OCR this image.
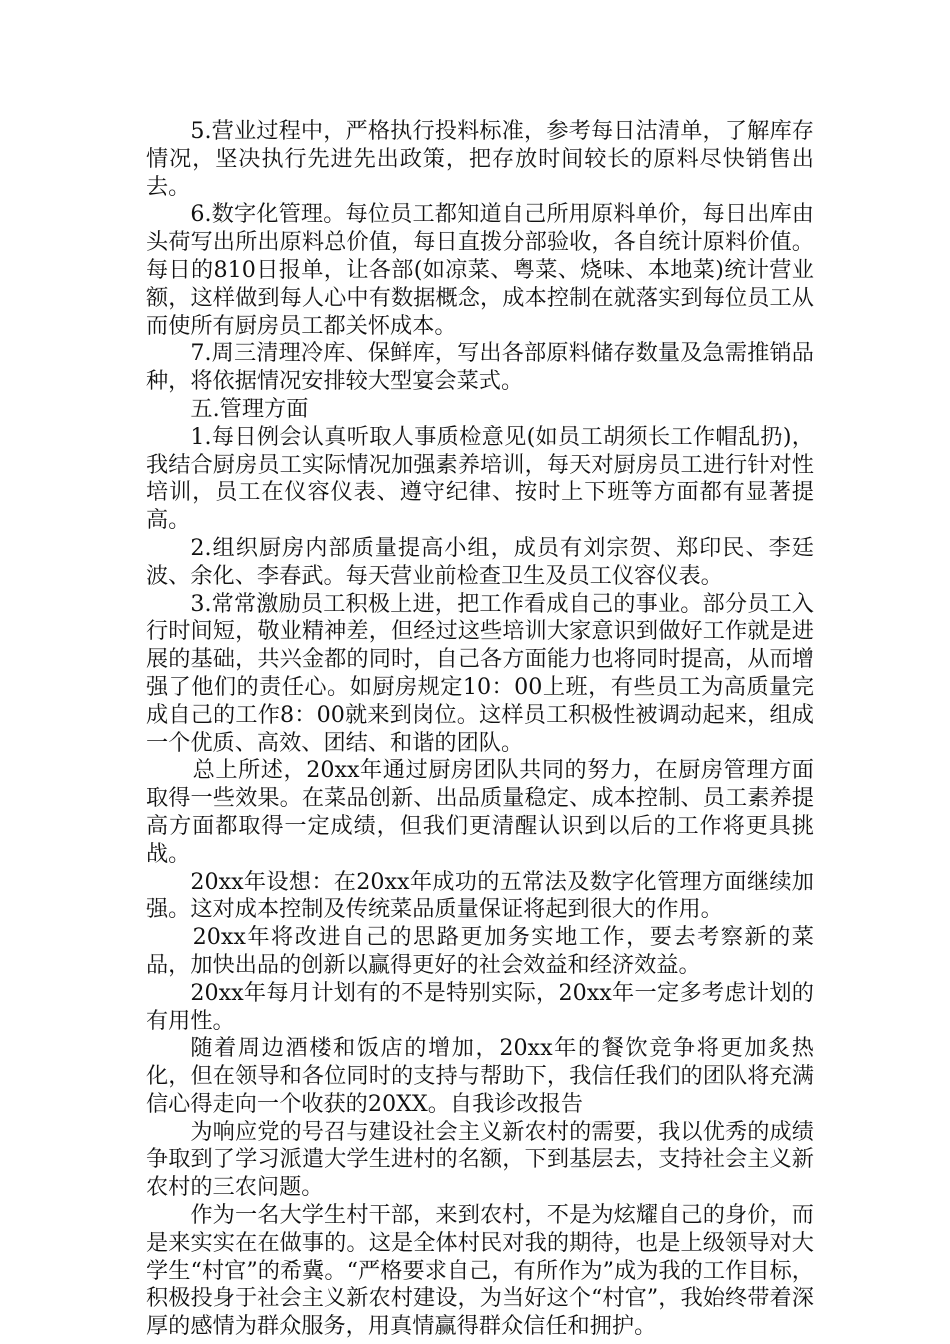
5.营业过程中，严格执行投料标准，参考每日沽清单，了解库存情况，坚决执行先进先出政策，把存放时间较长的原料尽快销售出去。

6.数字化管理。每位员工都知道自己所用原料单价，每日出库由头荷写出所出原料总价值，每日直拨分部验收，各自统计原料价值。每日的810日报单，让各部(如凉菜、粤菜、烧味、本地菜)统计营业额，这样做到每人心中有数据概念，成本控制在就落实到每位员工从而使所有厨房员工都关怀成本。

7.周三清理冷库、保鲜库，写出各部原料储存数量及急需推销品种，将依据情况安排较大型宴会菜式。

五.管理方面

1.每日例会认真听取人事质检意见(如员工胡须长工作帽乱扔)，我结合厨房员工实际情况加强素养培训，每天对厨房员工进行针对性培训，员工在仪容仪表、遵守纪律、按时上下班等方面都有显著提高。

2.组织厨房内部质量提高小组，成员有刘宗贺、郑印民、李廷波、余化、李春武。每天营业前检查卫生及员工仪容仪表。

3.常常激励员工积极上进，把工作看成自己的事业。部分员工入行时间短，敬业精神差，但经过这些培训大家意识到做好工作就是进展的基础，共兴金都的同时，自己各方面能力也将同时提高，从而增强了他们的责任心。如厨房规定10：00上班，有些员工为高质量完成自己的工作8：00就来到岗位。这样员工积极性被调动起来，组成一个优质、高效、团结、和谐的团队。

总上所述，20xx年通过厨房团队共同的努力，在厨房管理方面取得一些效果。在菜品创新、出品质量稳定、成本控制、员工素养提高方面都取得一定成绩，但我们更清醒认识到以后的工作将更具挑战。

20xx年设想：在20xx年成功的五常法及数字化管理方面继续加强。这对成本控制及传统菜品质量保证将起到很大的作用。

20xx年将改进自己的思路更加务实地工作，要去考察新的菜品，加快出品的创新以赢得更好的社会效益和经济效益。

20xx年每月计划有的不是特别实际，20xx年一定多考虑计划的有用性。

随着周边酒楼和饭店的增加，20xx年的餐饮竞争将更加炙热化，但在领导和各位同时的支持与帮助下，我信任我们的团队将充满信心得走向一个收获的20XX。自我诊改报告

为响应党的号召与建设社会主义新农村的需要，我以优秀的成绩争取到了学习派遣大学生进村的名额，下到基层去，支持社会主义新农村的三农问题。

作为一名大学生村干部，来到农村，不是为炫耀自己的身价，而是来实实在在做事的。这是全体村民对我的期待，也是上级领导对大学生“村官”的希冀。“严格要求自己，有所作为”成为我的工作目标，积极投身于社会主义新农村建设，为当好这个“村官”，我始终带着深厚的感情为群众服务，用真情赢得群众信任和拥护。
